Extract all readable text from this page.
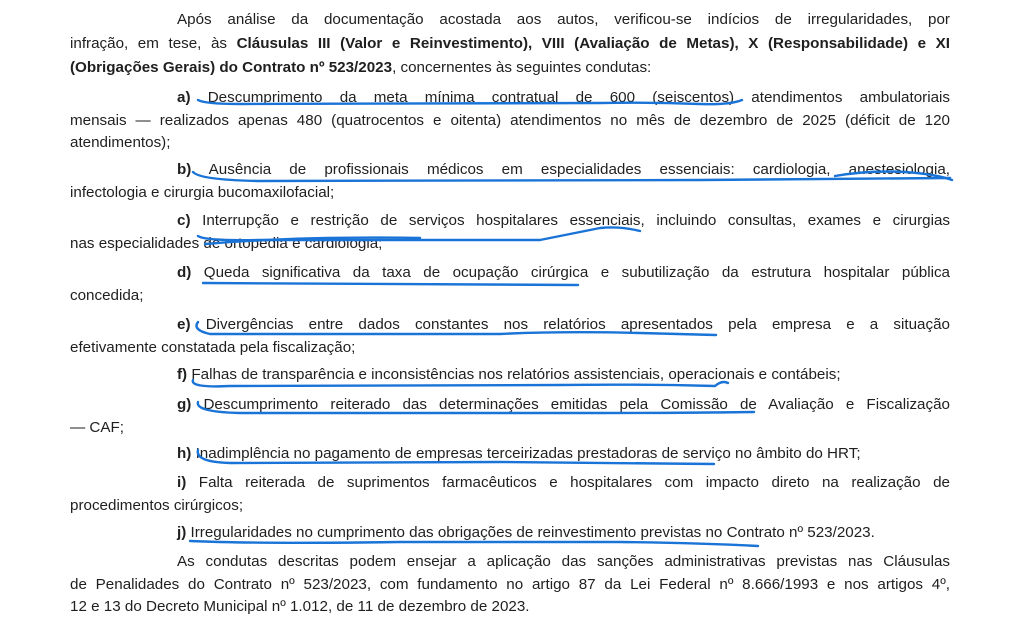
Após análise da documentação acostada aos autos, verificou-se indícios de irregularidades, por
infração, em tese, às Cláusulas III (Valor e Reinvestimento), VIII (Avaliação de Metas), X (Responsabilidade) e XI
(Obrigações Gerais) do Contrato nº 523/2023, concernentes às seguintes condutas:
a) Descumprimento da meta mínima contratual de 600 (seiscentos) atendimentos ambulatoriais
mensais — realizados apenas 480 (quatrocentos e oitenta) atendimentos no mês de dezembro de 2025 (déficit de 120
atendimentos);
b) Ausência de profissionais médicos em especialidades essenciais: cardiologia, anestesiologia,
infectologia e cirurgia bucomaxilofacial;
c) Interrupção e restrição de serviços hospitalares essenciais, incluindo consultas, exames e cirurgias
nas especialidades de ortopedia e cardiologia;
d) Queda significativa da taxa de ocupação cirúrgica e subutilização da estrutura hospitalar pública
concedida;
e) Divergências entre dados constantes nos relatórios apresentados pela empresa e a situação
efetivamente constatada pela fiscalização;
f) Falhas de transparência e inconsistências nos relatórios assistenciais, operacionais e contábeis;
g) Descumprimento reiterado das determinações emitidas pela Comissão de Avaliação e Fiscalização
— CAF;
h) Inadimplência no pagamento de empresas terceirizadas prestadoras de serviço no âmbito do HRT;
i) Falta reiterada de suprimentos farmacêuticos e hospitalares com impacto direto na realização de
procedimentos cirúrgicos;
j) Irregularidades no cumprimento das obrigações de reinvestimento previstas no Contrato nº 523/2023.
As condutas descritas podem ensejar a aplicação das sanções administrativas previstas nas Cláusulas
de Penalidades do Contrato nº 523/2023, com fundamento no artigo 87 da Lei Federal nº 8.666/1993 e nos artigos 4º,
12 e 13 do Decreto Municipal nº 1.012, de 11 de dezembro de 2023.
